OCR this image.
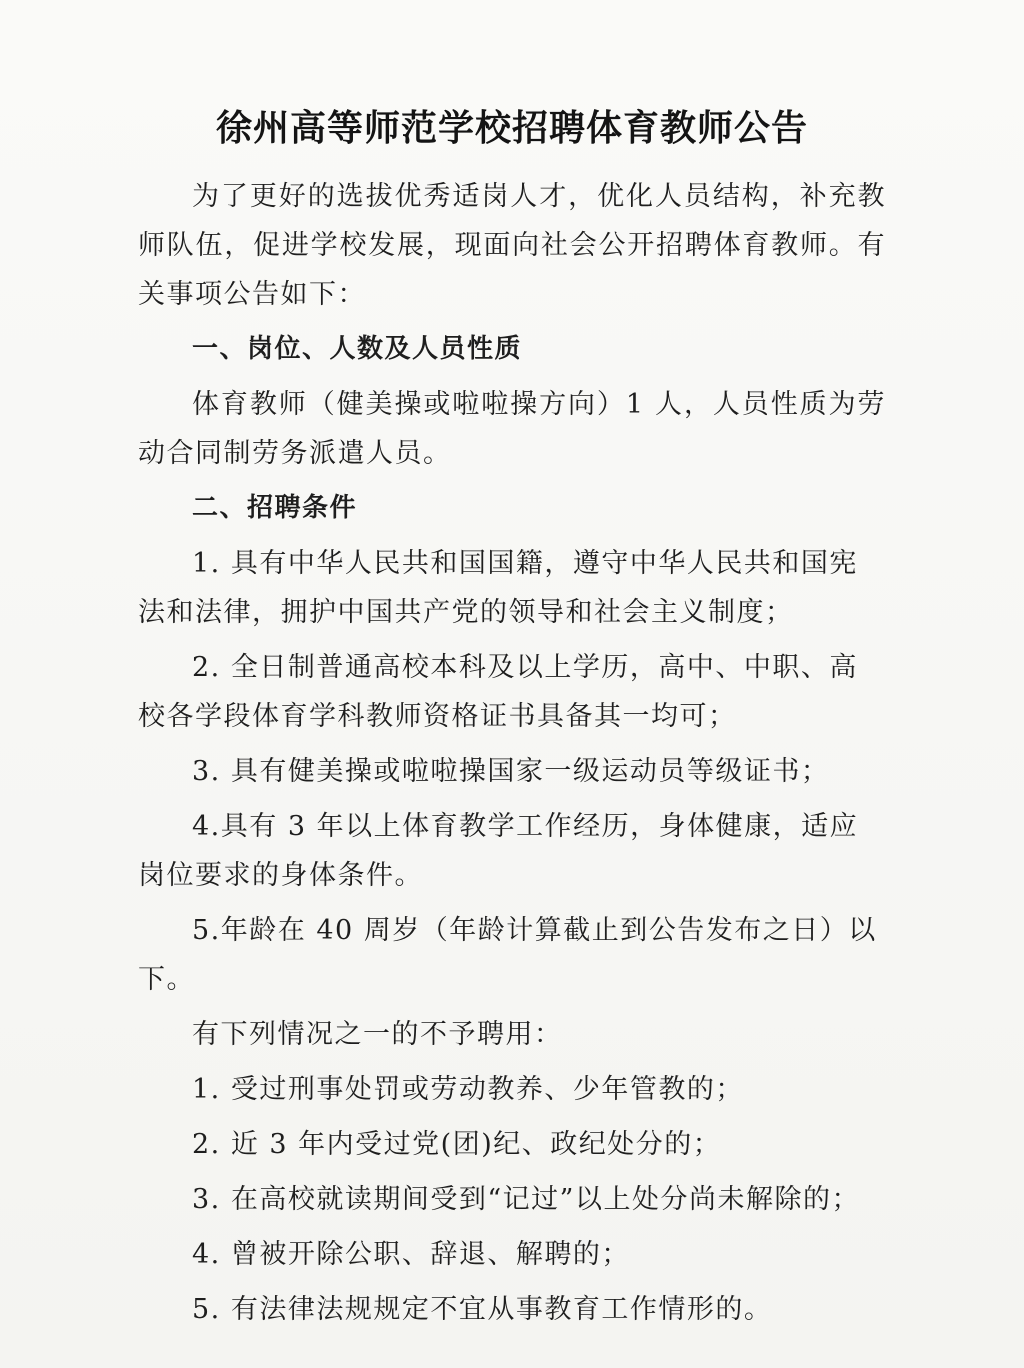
徐州高等师范学校招聘体育教师公告

为了更好的选拔优秀适岗人才，优化人员结构，补充教师队伍，促进学校发展，现面向社会公开招聘体育教师。有关事项公告如下：

一、岗位、人数及人员性质

体育教师（健美操或啦啦操方向）1 人，人员性质为劳动合同制劳务派遣人员。

二、招聘条件

1. 具有中华人民共和国国籍，遵守中华人民共和国宪法和法律，拥护中国共产党的领导和社会主义制度；

2. 全日制普通高校本科及以上学历，高中、中职、高校各学段体育学科教师资格证书具备其一均可；

3. 具有健美操或啦啦操国家一级运动员等级证书；

4.具有 3 年以上体育教学工作经历，身体健康，适应岗位要求的身体条件。

5.年龄在 40 周岁（年龄计算截止到公告发布之日）以下。

有下列情况之一的不予聘用：

1. 受过刑事处罚或劳动教养、少年管教的；

2. 近 3 年内受过党(团)纪、政纪处分的；

3. 在高校就读期间受到“记过”以上处分尚未解除的；

4. 曾被开除公职、辞退、解聘的；

5. 有法律法规规定不宜从事教育工作情形的。
